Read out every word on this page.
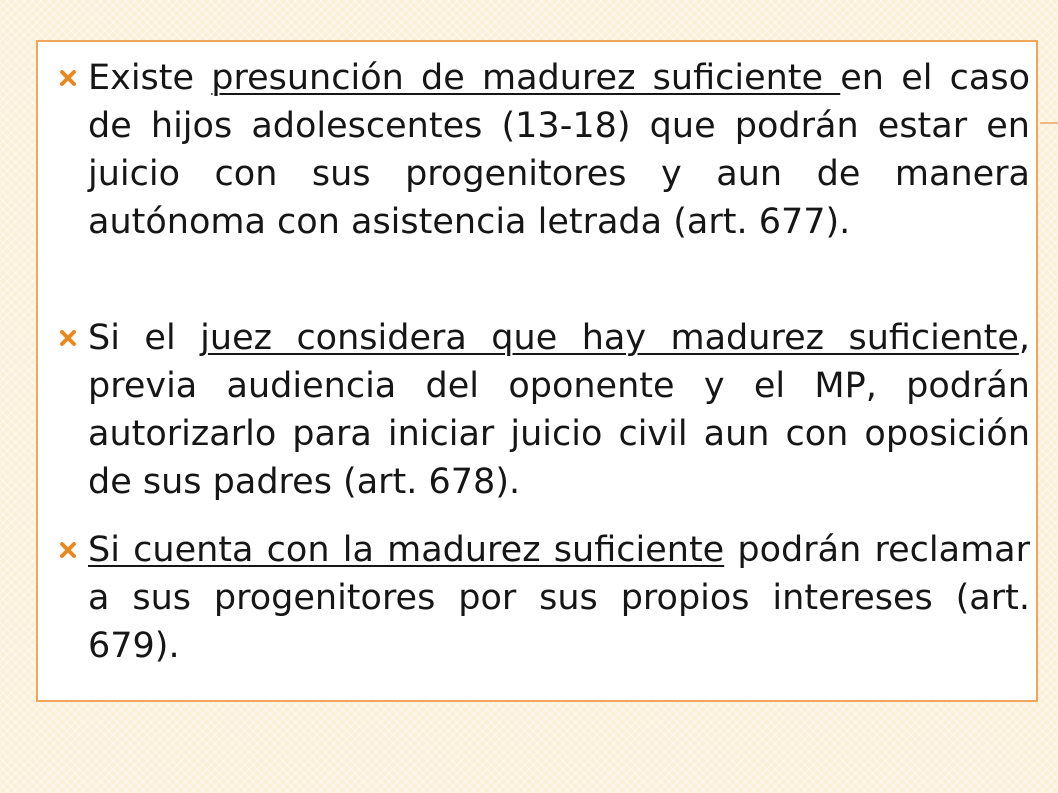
Existe presunción de madurez suficiente en el caso de hijos adolescentes (13-18) que podrán estar en juicio con sus progenitores y aun de manera autónoma con asistencia letrada (art. 677).
Si el juez considera que hay madurez suficiente, previa audiencia del oponente y el MP, podrán autorizarlo para iniciar juicio civil aun con oposición de sus padres (art. 678).
Si cuenta con la madurez suficiente podrán reclamar a sus progenitores por sus propios intereses (art. 679).
